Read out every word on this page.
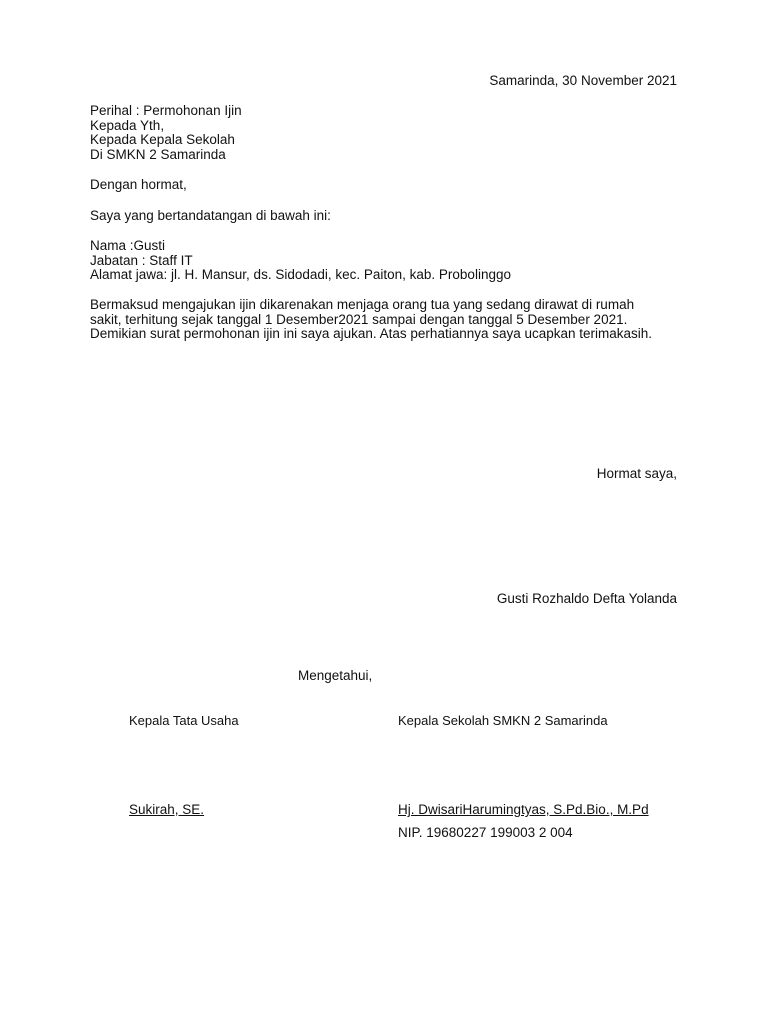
Samarinda, 30 November 2021
Perihal : Permohonan Ijin
Kepada Yth,
Kepada Kepala Sekolah
Di SMKN 2 Samarinda
Dengan hormat,
Saya yang bertandatangan di bawah ini:
Nama :Gusti
Jabatan : Staff IT
Alamat jawa: jl. H. Mansur, ds. Sidodadi, kec. Paiton, kab. Probolinggo
Bermaksud mengajukan ijin dikarenakan menjaga orang tua yang sedang dirawat di rumah sakit, terhitung sejak tanggal 1 Desember2021 sampai dengan tanggal 5 Desember 2021. Demikian surat permohonan ijin ini saya ajukan. Atas perhatiannya saya ucapkan terimakasih.
Hormat saya,
Gusti Rozhaldo Defta Yolanda
Mengetahui,
Kepala Tata Usaha	Kepala Sekolah SMKN 2 Samarinda
Sukirah, SE.	Hj. DwisariHarumingtyas, S.Pd.Bio., M.Pd
NIP. 19680227 199003 2 004
